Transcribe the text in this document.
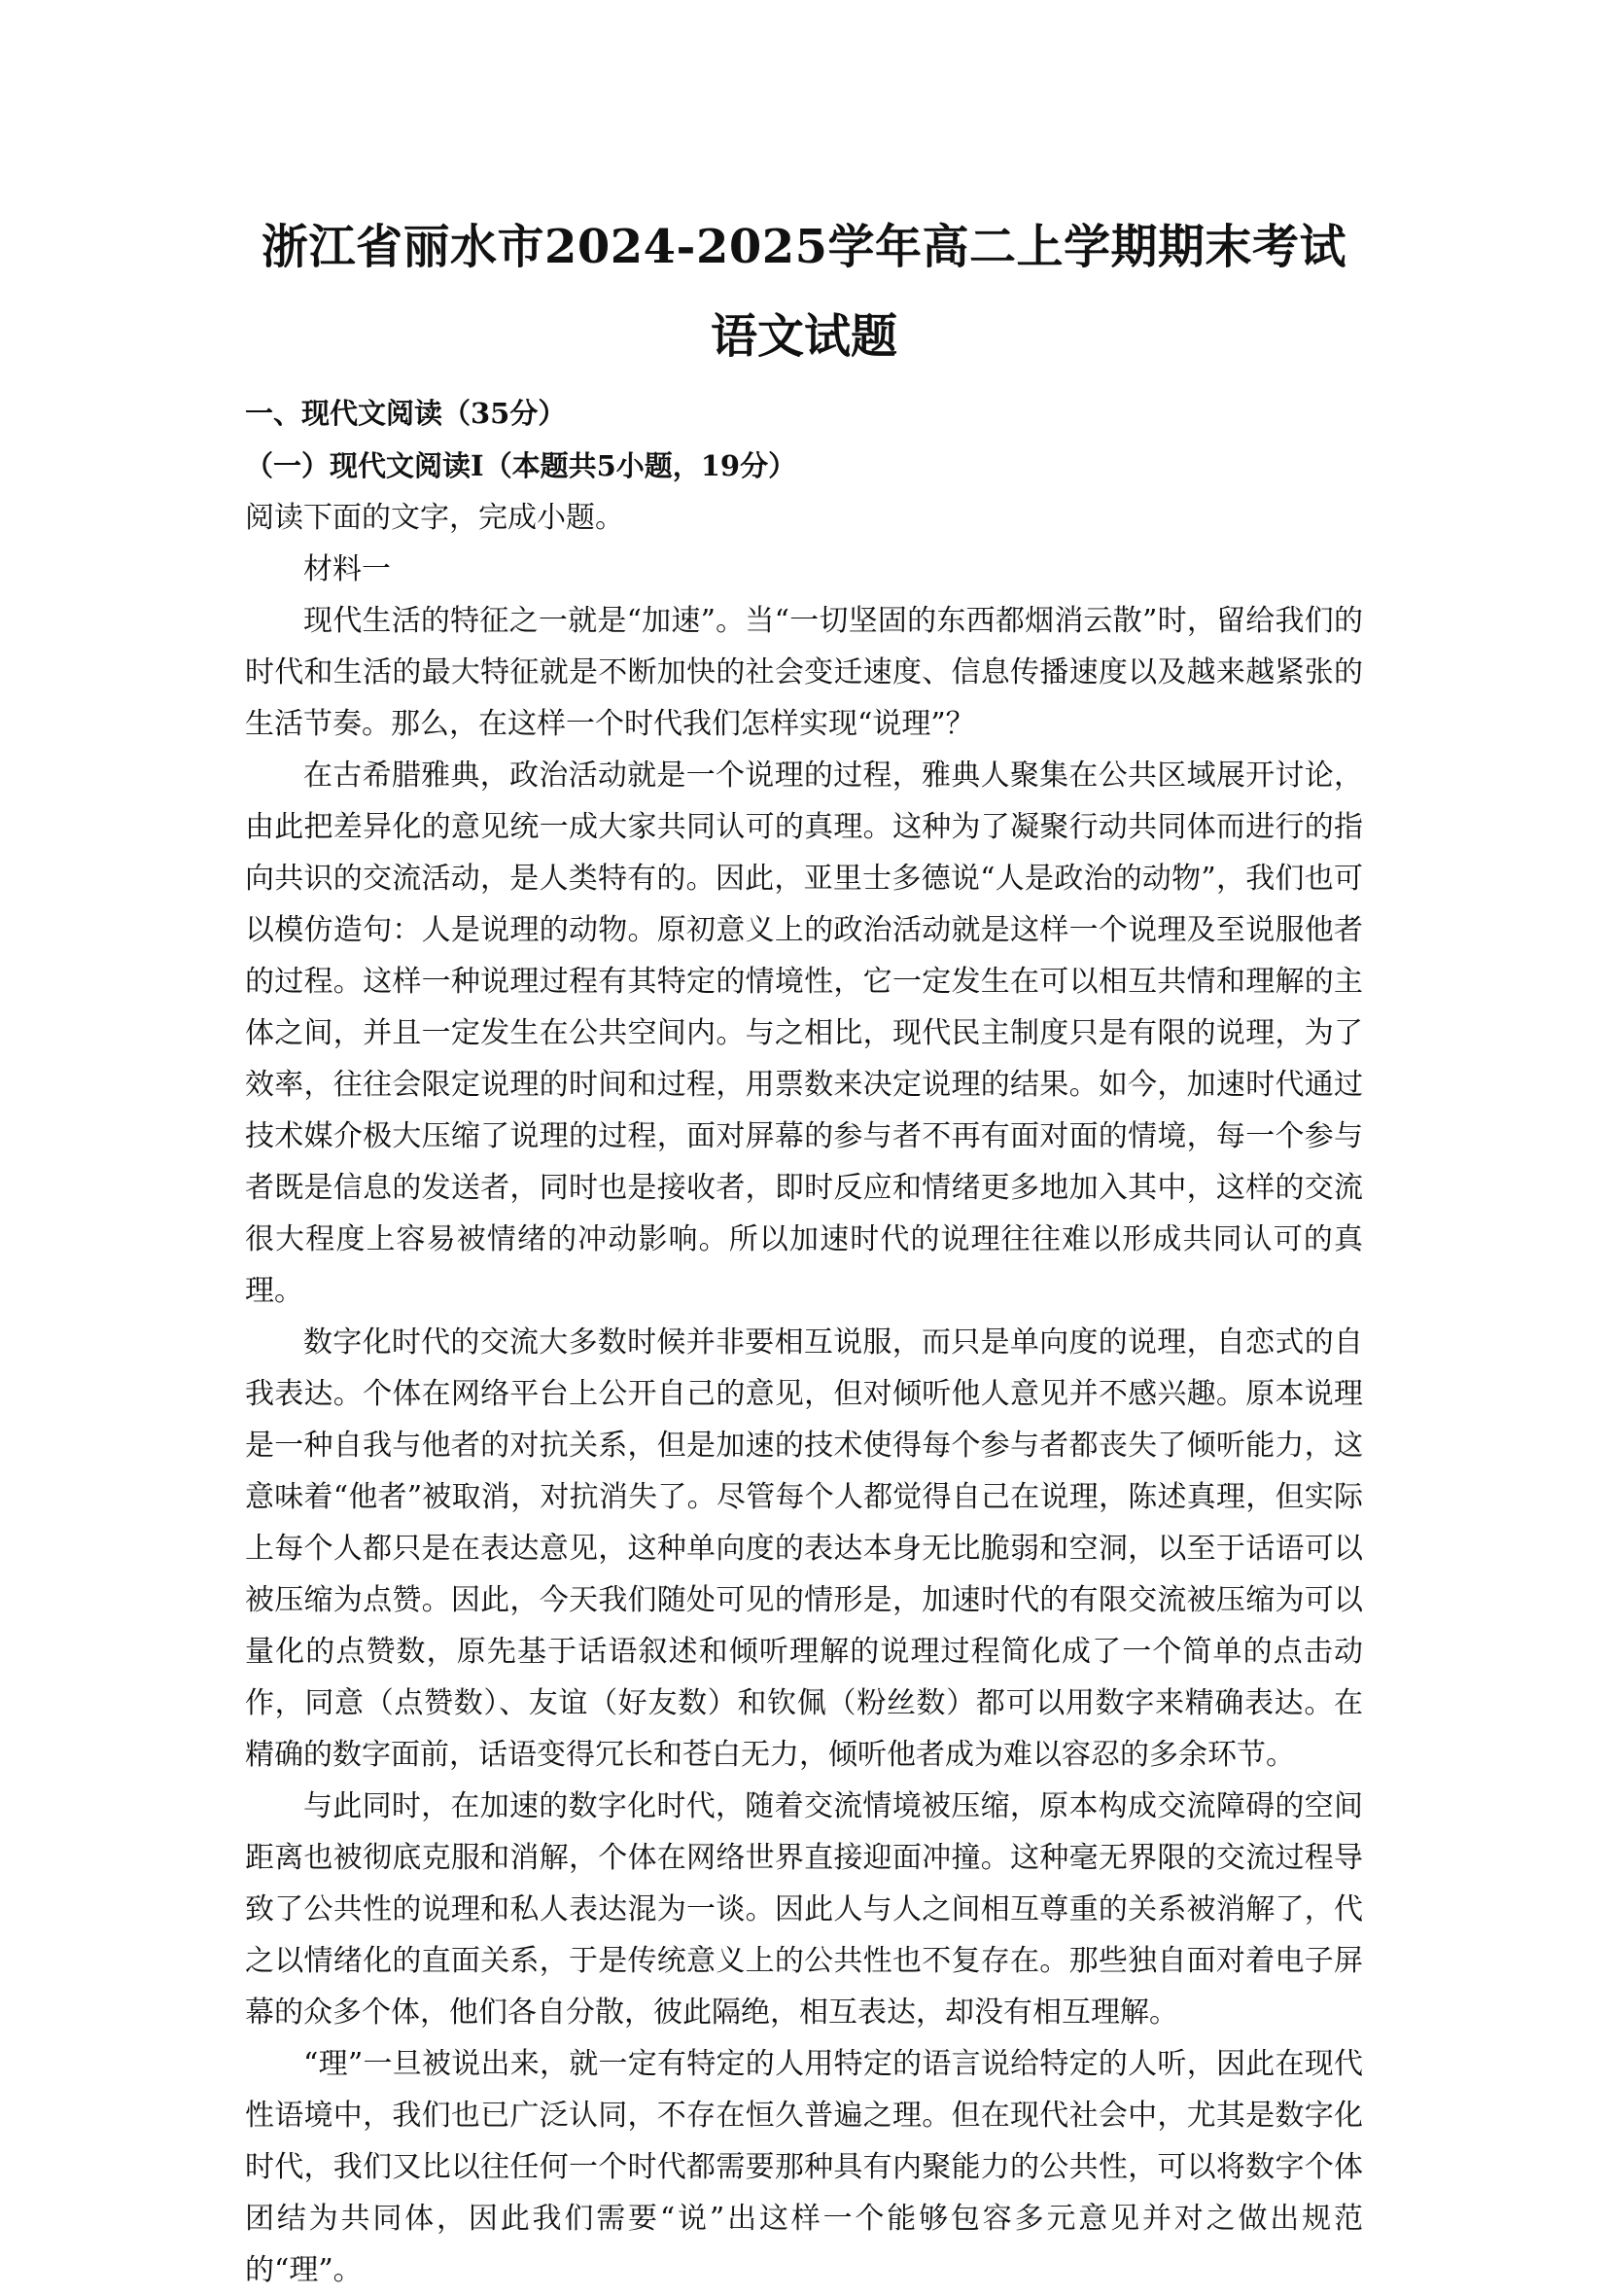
浙江省丽水市2024-2025学年高二上学期期末考试
语文试题

一、现代文阅读（35分）

（一）现代文阅读Ⅰ（本题共5小题，19分）

阅读下面的文字，完成小题。

材料一

现代生活的特征之一就是“加速”。当“一切坚固的东西都烟消云散”时，留给我们的时代和生活的最大特征就是不断加快的社会变迁速度、信息传播速度以及越来越紧张的生活节奏。那么，在这样一个时代我们怎样实现“说理”？

在古希腊雅典，政治活动就是一个说理的过程，雅典人聚集在公共区域展开讨论，由此把差异化的意见统一成大家共同认可的真理。这种为了凝聚行动共同体而进行的指向共识的交流活动，是人类特有的。因此，亚里士多德说“人是政治的动物”，我们也可以模仿造句：人是说理的动物。原初意义上的政治活动就是这样一个说理及至说服他者的过程。这样一种说理过程有其特定的情境性，它一定发生在可以相互共情和理解的主体之间，并且一定发生在公共空间内。与之相比，现代民主制度只是有限的说理，为了效率，往往会限定说理的时间和过程，用票数来决定说理的结果。如今，加速时代通过技术媒介极大压缩了说理的过程，面对屏幕的参与者不再有面对面的情境，每一个参与者既是信息的发送者，同时也是接收者，即时反应和情绪更多地加入其中，这样的交流很大程度上容易被情绪的冲动影响。所以加速时代的说理往往难以形成共同认可的真理。

数字化时代的交流大多数时候并非要相互说服，而只是单向度的说理，自恋式的自我表达。个体在网络平台上公开自己的意见，但对倾听他人意见并不感兴趣。原本说理是一种自我与他者的对抗关系，但是加速的技术使得每个参与者都丧失了倾听能力，这意味着“他者”被取消，对抗消失了。尽管每个人都觉得自己在说理，陈述真理，但实际上每个人都只是在表达意见，这种单向度的表达本身无比脆弱和空洞，以至于话语可以被压缩为点赞。因此，今天我们随处可见的情形是，加速时代的有限交流被压缩为可以量化的点赞数，原先基于话语叙述和倾听理解的说理过程简化成了一个简单的点击动作，同意（点赞数）、友谊（好友数）和钦佩（粉丝数）都可以用数字来精确表达。在精确的数字面前，话语变得冗长和苍白无力，倾听他者成为难以容忍的多余环节。

与此同时，在加速的数字化时代，随着交流情境被压缩，原本构成交流障碍的空间距离也被彻底克服和消解，个体在网络世界直接迎面冲撞。这种毫无界限的交流过程导致了公共性的说理和私人表达混为一谈。因此人与人之间相互尊重的关系被消解了，代之以情绪化的直面关系，于是传统意义上的公共性也不复存在。那些独自面对着电子屏幕的众多个体，他们各自分散，彼此隔绝，相互表达，却没有相互理解。

“理”一旦被说出来，就一定有特定的人用特定的语言说给特定的人听，因此在现代性语境中，我们也已广泛认同，不存在恒久普遍之理。但在现代社会中，尤其是数字化时代，我们又比以往任何一个时代都需要那种具有内聚能力的公共性，可以将数字个体团结为共同体，因此我们需要“说”出这样一个能够包容多元意见并对之做出规范的“理”。
